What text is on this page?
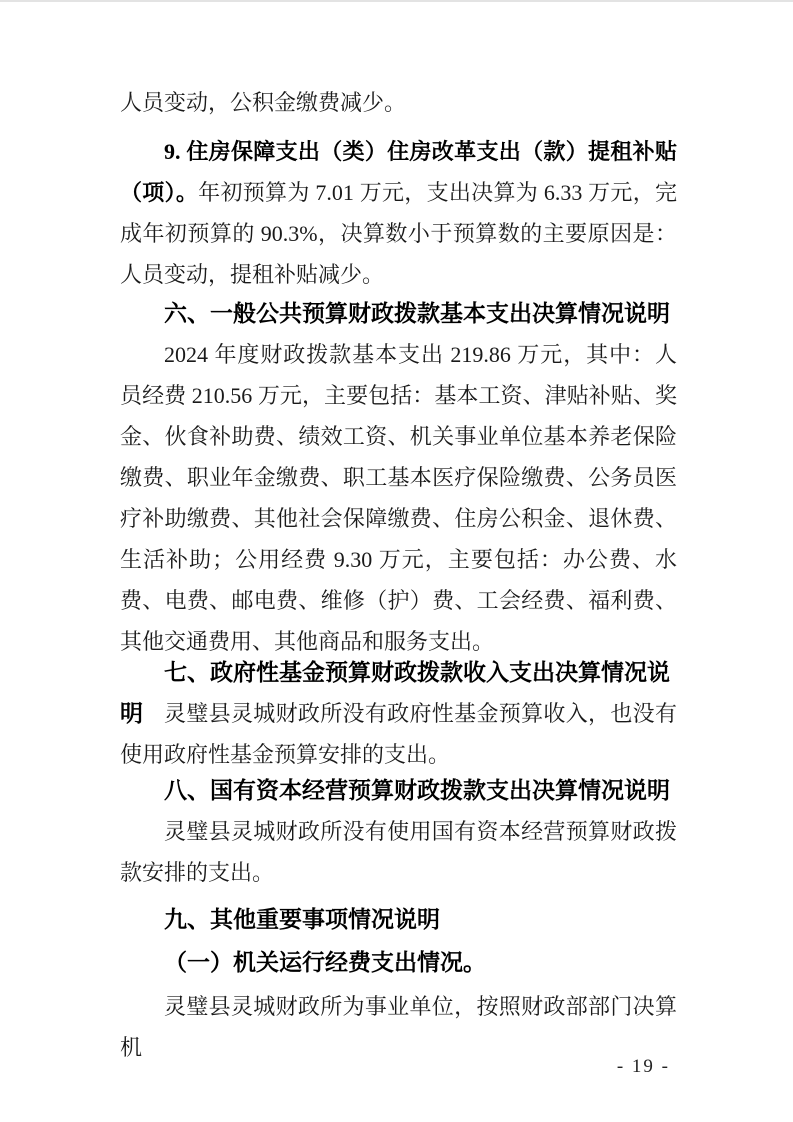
人员变动，公积金缴费减少。
9. 住房保障支出（类）住房改革支出（款）提租补贴（项）。年初预算为 7.01 万元，支出决算为 6.33 万元，完成年初预算的 90.3%，决算数小于预算数的主要原因是：人员变动，提租补贴减少。
六、一般公共预算财政拨款基本支出决算情况说明
2024 年度财政拨款基本支出 219.86 万元，其中：人员经费 210.56 万元，主要包括：基本工资、津贴补贴、奖金、伙食补助费、绩效工资、机关事业单位基本养老保险缴费、职业年金缴费、职工基本医疗保险缴费、公务员医疗补助缴费、其他社会保障缴费、住房公积金、退休费、生活补助；公用经费 9.30 万元，主要包括：办公费、水费、电费、邮电费、维修（护）费、工会经费、福利费、其他交通费用、其他商品和服务支出。
七、政府性基金预算财政拨款收入支出决算情况说明 灵璧县灵城财政所没有政府性基金预算收入，也没有使用政府性基金预算安排的支出。
八、国有资本经营预算财政拨款支出决算情况说明
灵璧县灵城财政所没有使用国有资本经营预算财政拨款安排的支出。
九、其他重要事项情况说明
（一）机关运行经费支出情况。
灵璧县灵城财政所为事业单位，按照财政部部门决算机
- 19 -
